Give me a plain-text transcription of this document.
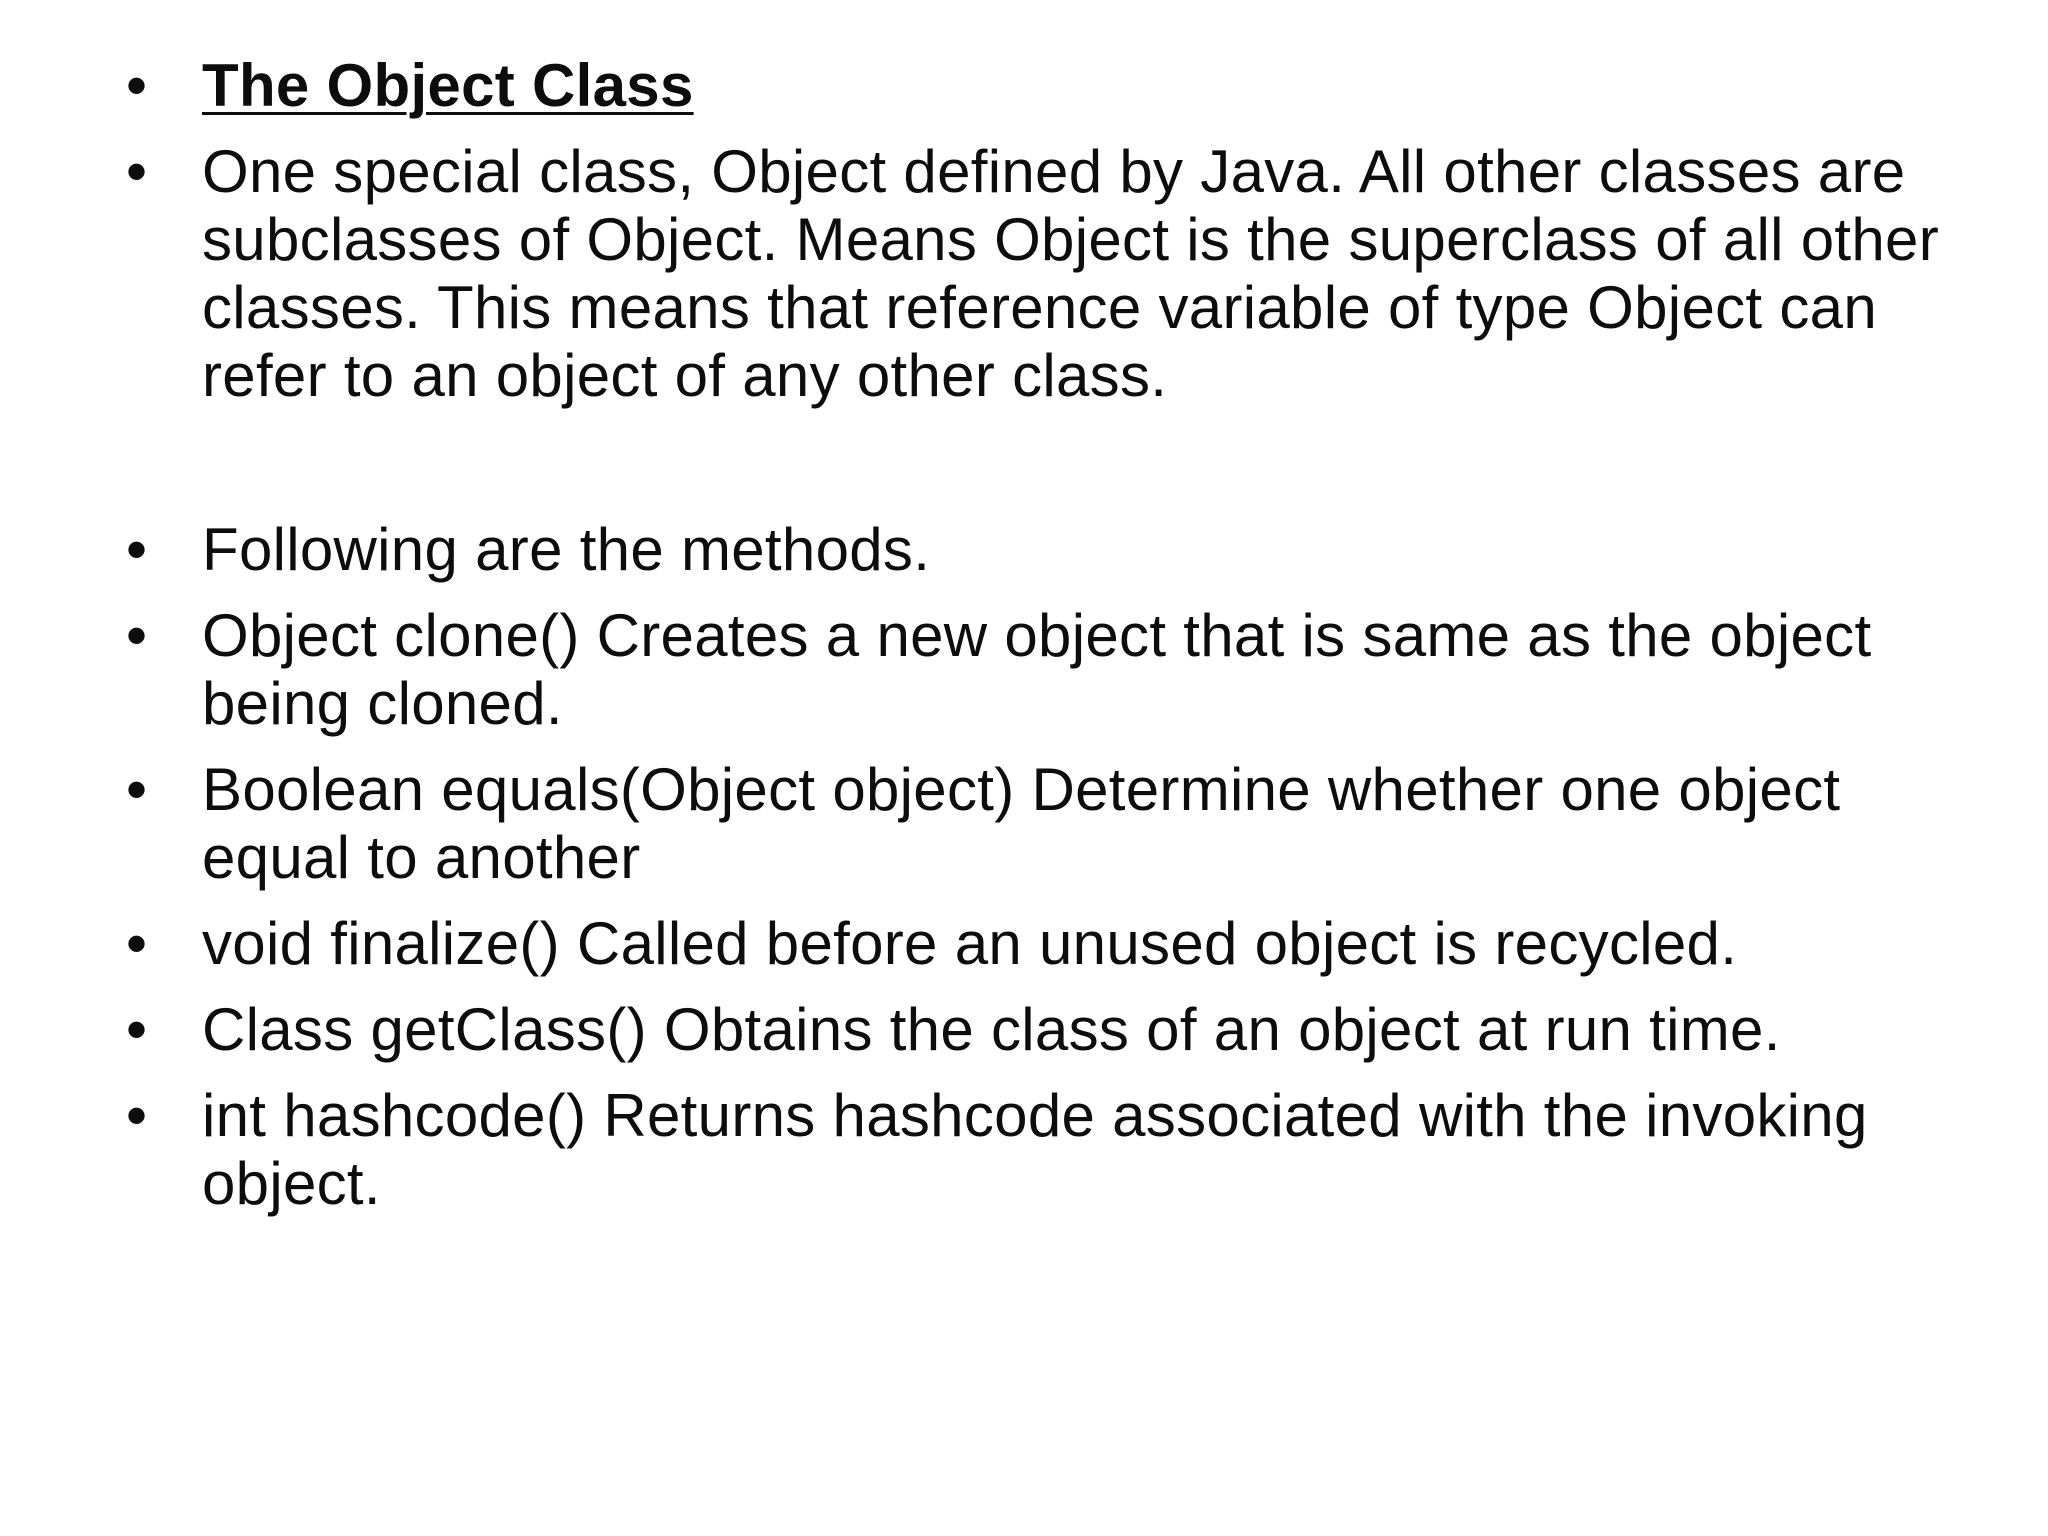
• The Object Class
• One special class, Object defined by Java. All other classes are subclasses of Object. Means Object is the superclass of all other classes. This means that reference variable of type Object can refer to an object of any other class.
• Following are the methods.
• Object clone() Creates a new object that is same as the object being cloned.
• Boolean equals(Object object) Determine whether one object equal to another
• void finalize() Called before an unused object is recycled.
• Class getClass() Obtains the class of an object at run time.
• int hashcode() Returns hashcode associated with the invoking object.
